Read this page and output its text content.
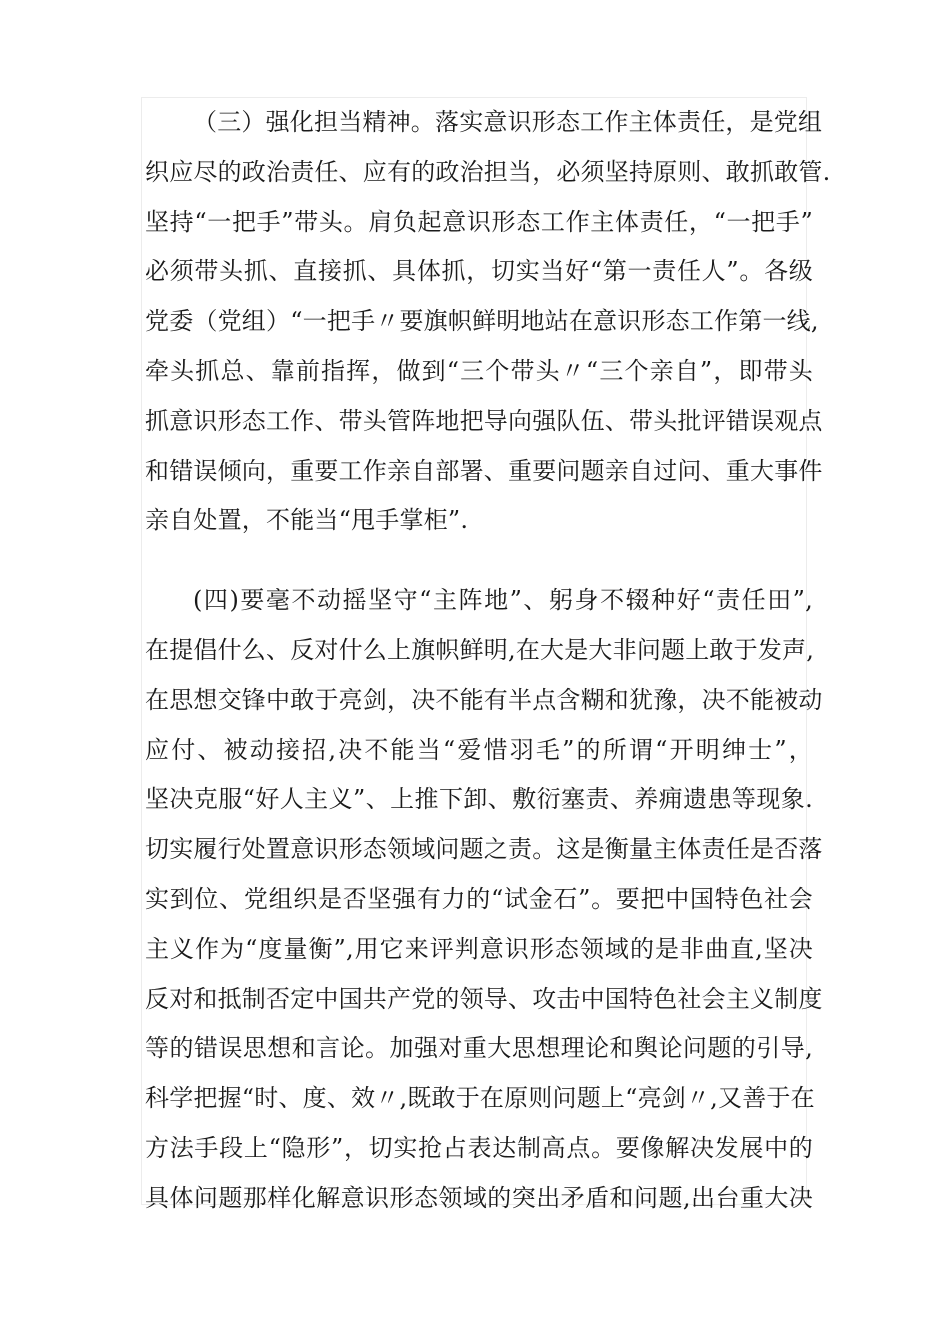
（三）强化担当精神。落实意识形态工作主体责任，是党组
织应尽的政治责任、应有的政治担当，必须坚持原则、敢抓敢管.
坚持“一把手”带头。肩负起意识形态工作主体责任，“一把手”
必须带头抓、直接抓、具体抓，切实当好“第一责任人”。各级
党委（党组）“一把手〃要旗帜鲜明地站在意识形态工作第一线,
牵头抓总、靠前指挥，做到“三个带头〃“三个亲自”，即带头
抓意识形态工作、带头管阵地把导向强队伍、带头批评错误观点
和错误倾向，重要工作亲自部署、重要问题亲自过问、重大事件
亲自处置，不能当“甩手掌柜”.
(四)要毫不动摇坚守“主阵地”、躬身不辍种好“责任田”,
在提倡什么、反对什么上旗帜鲜明,在大是大非问题上敢于发声,
在思想交锋中敢于亮剑，决不能有半点含糊和犹豫，决不能被动
应付、被动接招,决不能当“爱惜羽毛”的所谓“开明绅士”，
坚决克服“好人主义”、上推下卸、敷衍塞责、养痈遗患等现象.
切实履行处置意识形态领域问题之责。这是衡量主体责任是否落
实到位、党组织是否坚强有力的“试金石”。要把中国特色社会
主义作为“度量衡”,用它来评判意识形态领域的是非曲直,坚决
反对和抵制否定中国共产党的领导、攻击中国特色社会主义制度
等的错误思想和言论。加强对重大思想理论和舆论问题的引导,
科学把握“时、度、效〃,既敢于在原则问题上“亮剑〃,又善于在
方法手段上“隐形”，切实抢占表达制高点。要像解决发展中的
具体问题那样化解意识形态领域的突出矛盾和问题,出台重大决
